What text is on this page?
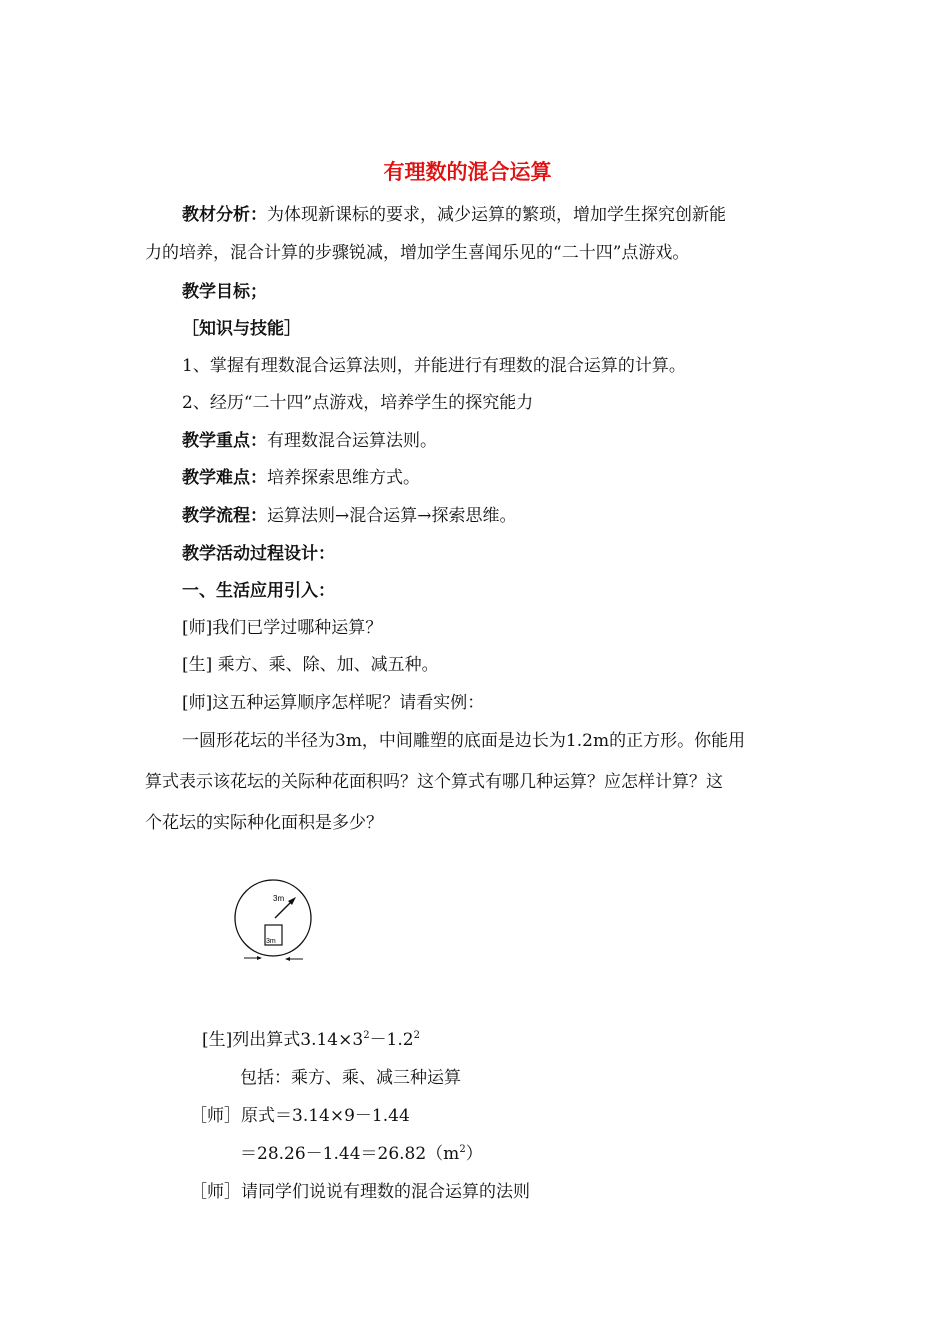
有理数的混合运算
教材分析：为体现新课标的要求，减少运算的繁琐，增加学生探究创新能
力的培养，混合计算的步骤锐减，增加学生喜闻乐见的“二十四”点游戏。
教学目标；
［知识与技能］
1、掌握有理数混合运算法则，并能进行有理数的混合运算的计算。
2、经历“二十四”点游戏，培养学生的探究能力
教学重点：有理数混合运算法则。
教学难点：培养探索思维方式。
教学流程：运算法则→混合运算→探索思维。
教学活动过程设计：
一、生活应用引入：
[师]我们已学过哪种运算？
[生] 乘方、乘、除、加、减五种。
[师]这五种运算顺序怎样呢？请看实例：
一圆形花坛的半径为3m，中间雕塑的底面是边长为1.2m的正方形。你能用
算式表示该花坛的关际种花面积吗？这个算式有哪几种运算？应怎样计算？这
个花坛的实际种化面积是多少？
3m
3m
[生]列出算式$3.14\times 3^2-1.2^2$
包括：乘方、乘、减三种运算
［师］原式＝3.14×9－1.44
$=28.26-1.44=26.82(m^2)$
［师］请同学们说说有理数的混合运算的法则
